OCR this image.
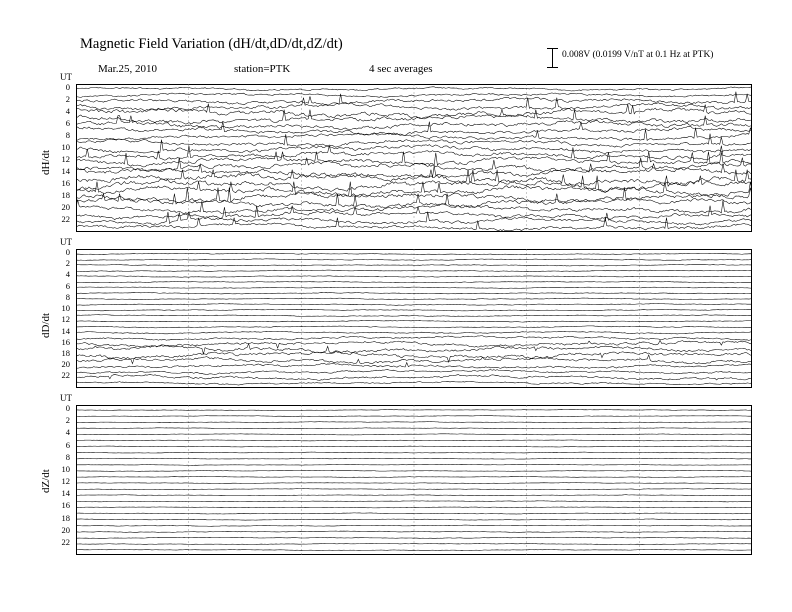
Magnetic Field Variation (dH/dt,dD/dt,dZ/dt)
Mar.25, 2010	station=PTK	4 sec averages
0.008V (0.0199 V/nT at 0.1 Hz at PTK)
UT
dH/dt
0
2
4
6
8
10
12
14
16
18
20
22
UT
dD/dt
0
2
4
6
8
10
12
14
16
18
20
22
UT
dZ/dt
0
2
4
6
8
10
12
14
16
18
20
22
